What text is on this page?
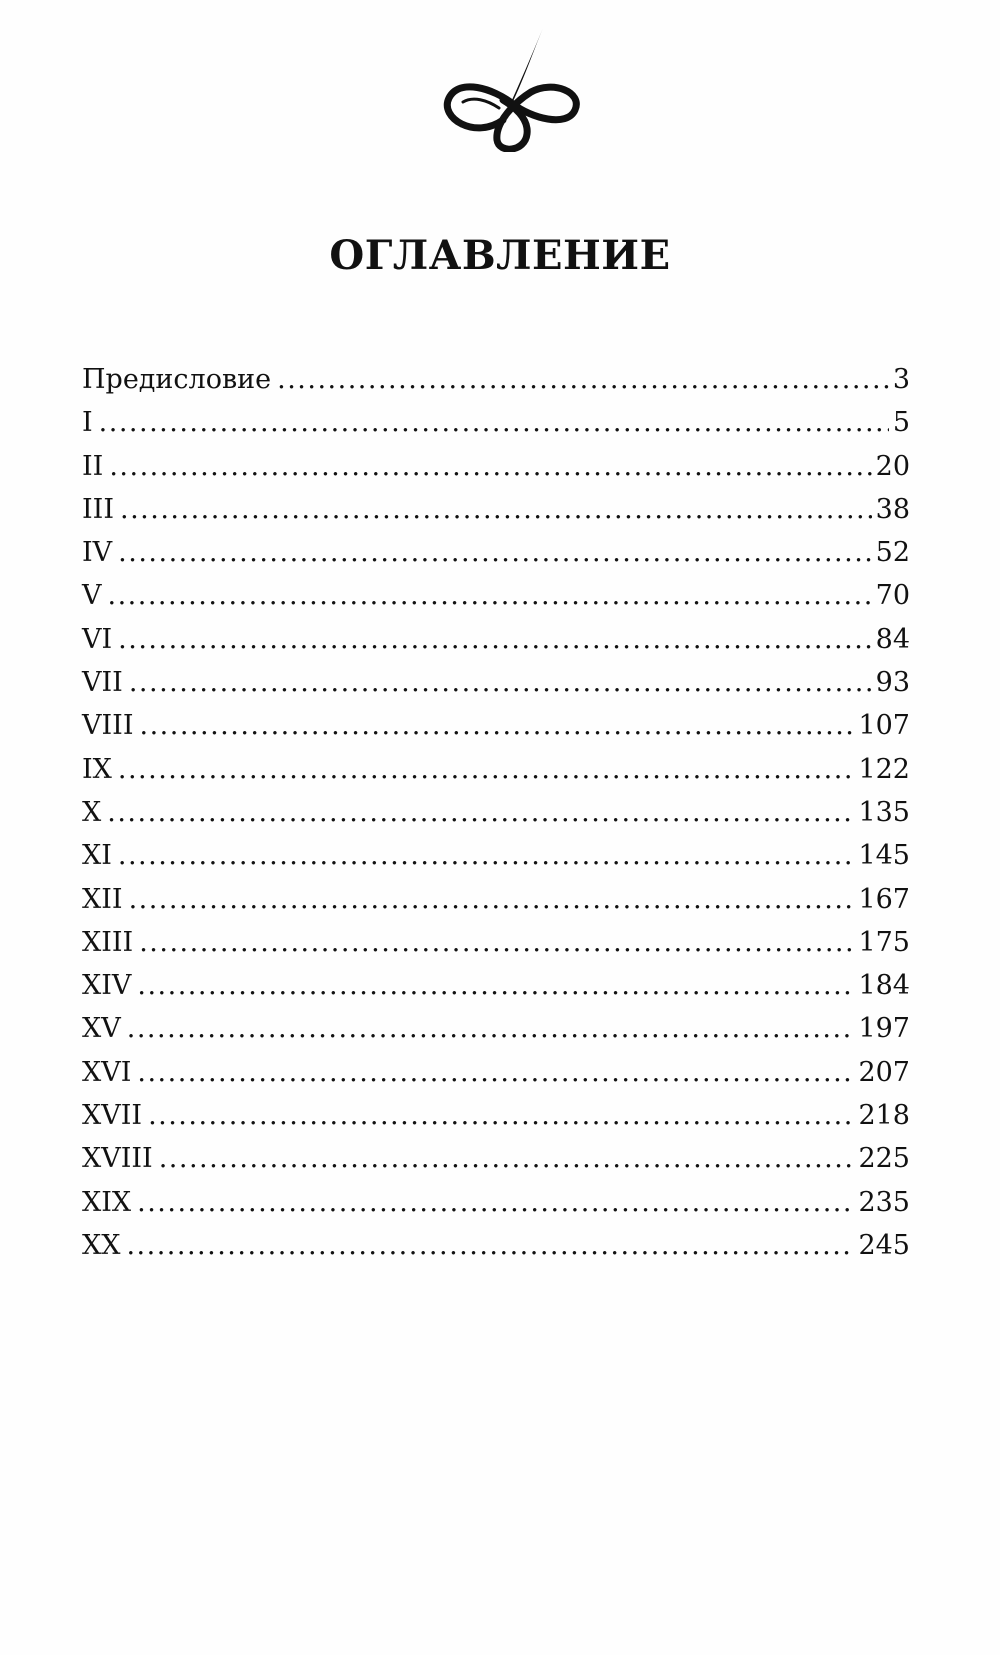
ОГЛАВЛЕНИЕ
Предисловие .....	3
I .....	5
II .....	20
III .....	38
IV .....	52
V .....	70
VI .....	84
VII .....	93
VIII .....	107
IX .....	122
X .....	135
XI .....	145
XII .....	167
XIII .....	175
XIV .....	184
XV .....	197
XVI .....	207
XVII .....	218
XVIII .....	225
XIX .....	235
XX .....	245
